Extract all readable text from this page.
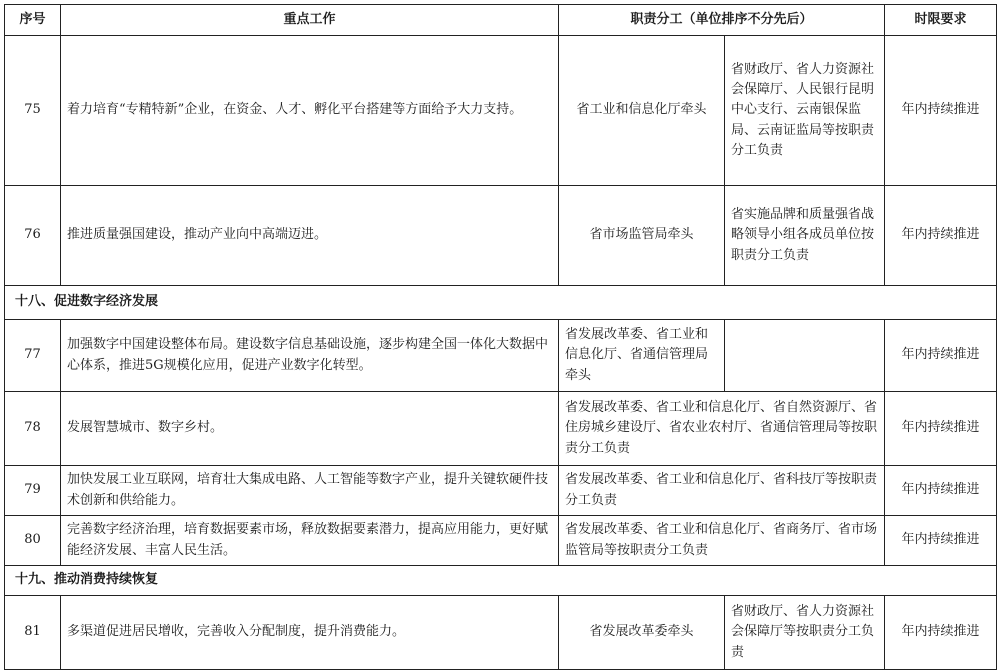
序号	重点工作	职责分工（单位排序不分先后）		时限要求
75	着力培育“专精特新”企业，在资金、人才、孵化平台搭建等方面给予大力支持。	省工业和信息化厅牵头	省财政厅、省人力资源社会保障厅、人民银行昆明中心支行、云南银保监局、云南证监局等按职责分工负责	年内持续推进
76	推进质量强国建设，推动产业向中高端迈进。	省市场监管局牵头	省实施品牌和质量强省战略领导小组各成员单位按职责分工负责	年内持续推进
十八、促进数字经济发展				
77	加强数字中国建设整体布局。建设数字信息基础设施，逐步构建全国一体化大数据中心体系，推进5G规模化应用，促进产业数字化转型。	省发展改革委、省工业和信息化厅、省通信管理局牵头		年内持续推进
78	发展智慧城市、数字乡村。	省发展改革委、省工业和信息化厅、省自然资源厅、省住房城乡建设厅、省农业农村厅、省通信管理局等按职责分工负责		年内持续推进
79	加快发展工业互联网，培育壮大集成电路、人工智能等数字产业，提升关键软硬件技术创新和供给能力。	省发展改革委、省工业和信息化厅、省科技厅等按职责分工负责		年内持续推进
80	完善数字经济治理，培育数据要素市场，释放数据要素潜力，提高应用能力，更好赋能经济发展、丰富人民生活。	省发展改革委、省工业和信息化厅、省商务厅、省市场监管局等按职责分工负责		年内持续推进
十九、推动消费持续恢复				
81	多渠道促进居民增收，完善收入分配制度，提升消费能力。	省发展改革委牵头	省财政厅、省人力资源社会保障厅等按职责分工负责	年内持续推进
